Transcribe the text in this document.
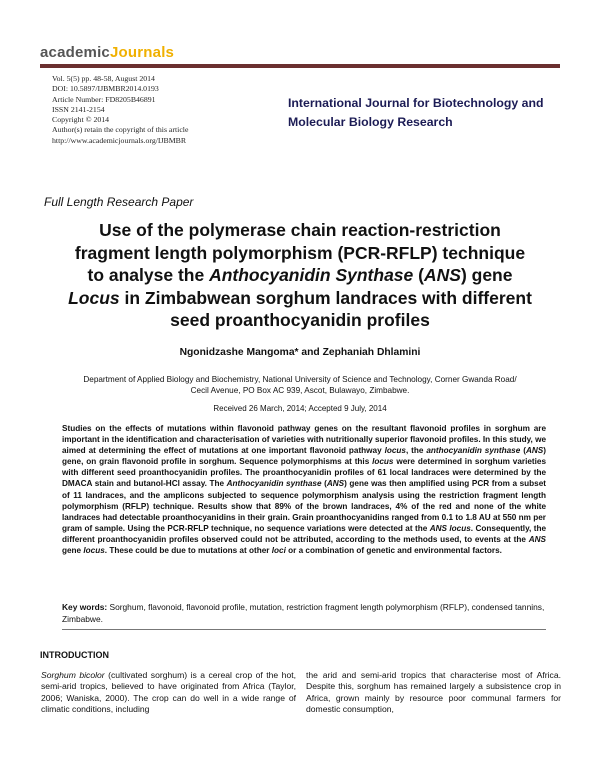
academicJournals
Vol. 5(5) pp. 48-58, August 2014
DOI: 10.5897/IJBMBR2014.0193
Article Number: FD8205B46891
ISSN 2141-2154
Copyright © 2014
Author(s) retain the copyright of this article
http://www.academicjournals.org/IJBMBR
International Journal for Biotechnology and
Molecular Biology Research
Full Length Research Paper
Use of the polymerase chain reaction-restriction
fragment length polymorphism (PCR-RFLP) technique
to analyse the Anthocyanidin Synthase (ANS) gene
Locus in Zimbabwean sorghum landraces with different
seed proanthocyanidin profiles
Ngonidzashe Mangoma* and Zephaniah Dhlamini
Department of Applied Biology and Biochemistry, National University of Science and Technology, Corner Gwanda Road/
Cecil Avenue, PO Box AC 939, Ascot, Bulawayo, Zimbabwe.
Received 26 March, 2014; Accepted 9 July, 2014
Studies on the effects of mutations within flavonoid pathway genes on the resultant flavonoid profiles in sorghum are important in the identification and characterisation of varieties with nutritionally superior flavonoid profiles. In this study, we aimed at determining the effect of mutations at one important flavonoid pathway locus, the anthocyanidin synthase (ANS) gene, on grain flavonoid profile in sorghum. Sequence polymorphisms at this locus were determined in sorghum varieties with different seed proanthocyanidin profiles. The proanthocyanidin profiles of 61 local landraces were determined by the DMACA stain and butanol-HCl assay. The Anthocyanidin synthase (ANS) gene was then amplified using PCR from a subset of 11 landraces, and the amplicons subjected to sequence polymorphism analysis using the restriction fragment length polymorphism (RFLP) technique. Results show that 89% of the brown landraces, 4% of the red and none of the white landraces had detectable proanthocyanidins in their grain. Grain proanthocyanidins ranged from 0.1 to 1.8 AU at 550 nm per gram of sample. Using the PCR-RFLP technique, no sequence variations were detected at the ANS locus. Consequently, the different proanthocyanidin profiles observed could not be attributed, according to the methods used, to events at the ANS gene locus. These could be due to mutations at other loci or a combination of genetic and environmental factors.
Key words: Sorghum, flavonoid, flavonoid profile, mutation, restriction fragment length polymorphism (RFLP), condensed tannins, Zimbabwe.
INTRODUCTION
Sorghum bicolor (cultivated sorghum) is a cereal crop of the hot, semi-arid tropics, believed to have originated from Africa (Taylor, 2006; Waniska, 2000). The crop can do well in a wide range of climatic conditions, including
the arid and semi-arid tropics that characterise most of Africa. Despite this, sorghum has remained largely a subsistence crop in Africa, grown mainly by resource poor communal farmers for domestic consumption,
